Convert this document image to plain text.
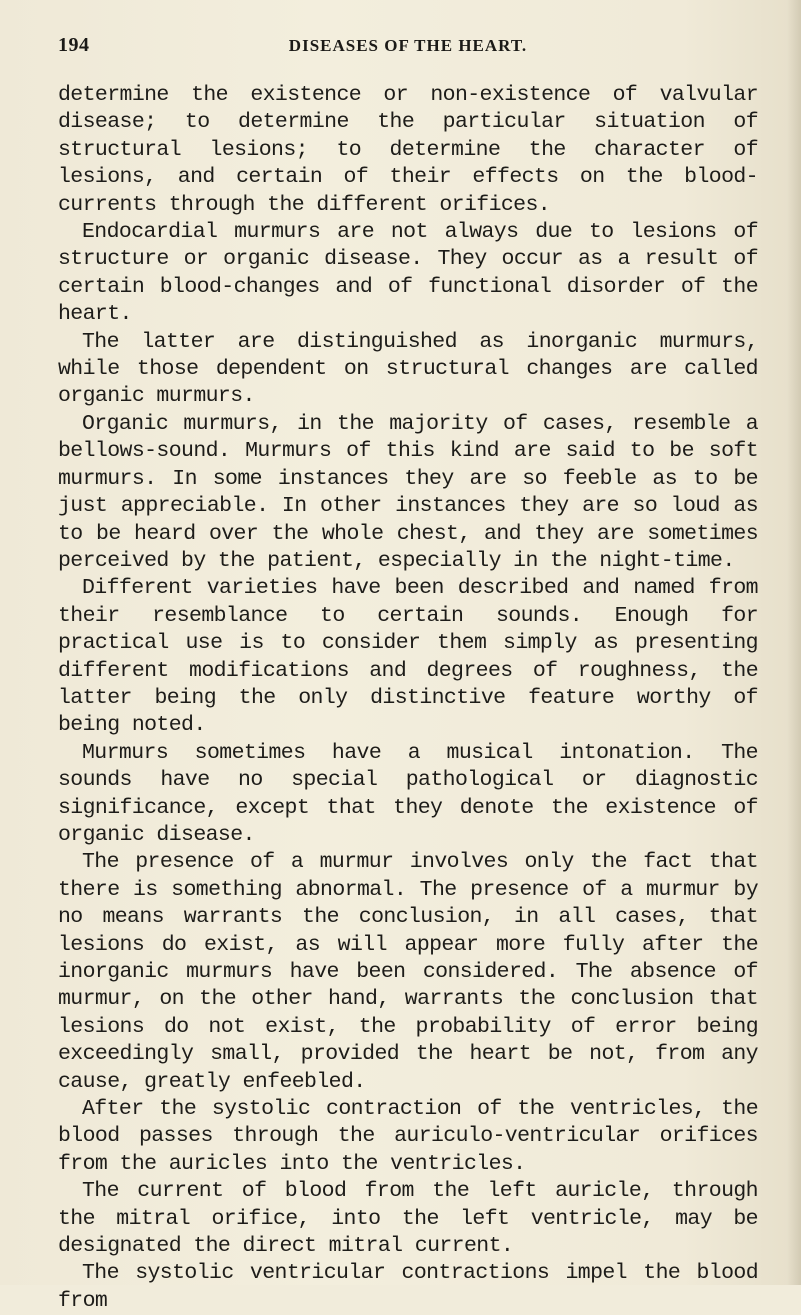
194	DISEASES OF THE HEART.

determine the existence or non-existence of valvular disease; to determine the particular situation of structural lesions; to determine the character of lesions, and certain of their effects on the blood-currents through the different orifices.

Endocardial murmurs are not always due to lesions of structure or organic disease. They occur as a result of certain blood-changes and of functional disorder of the heart.

The latter are distinguished as inorganic murmurs, while those dependent on structural changes are called organic murmurs.

Organic murmurs, in the majority of cases, resemble a bellows-sound. Murmurs of this kind are said to be soft murmurs. In some instances they are so feeble as to be just appreciable. In other instances they are so loud as to be heard over the whole chest, and they are sometimes perceived by the patient, especially in the night-time.

Different varieties have been described and named from their resemblance to certain sounds. Enough for practical use is to consider them simply as presenting different modifications and degrees of roughness, the latter being the only distinctive feature worthy of being noted.

Murmurs sometimes have a musical intonation. The sounds have no special pathological or diagnostic significance, except that they denote the existence of organic disease.

The presence of a murmur involves only the fact that there is something abnormal. The presence of a murmur by no means warrants the conclusion, in all cases, that lesions do exist, as will appear more fully after the inorganic murmurs have been considered. The absence of murmur, on the other hand, warrants the conclusion that lesions do not exist, the probability of error being exceedingly small, provided the heart be not, from any cause, greatly enfeebled.

After the systolic contraction of the ventricles, the blood passes through the auriculo-ventricular orifices from the auricles into the ventricles.

The current of blood from the left auricle, through the mitral orifice, into the left ventricle, may be designated the direct mitral current.

The systolic ventricular contractions impel the blood from
